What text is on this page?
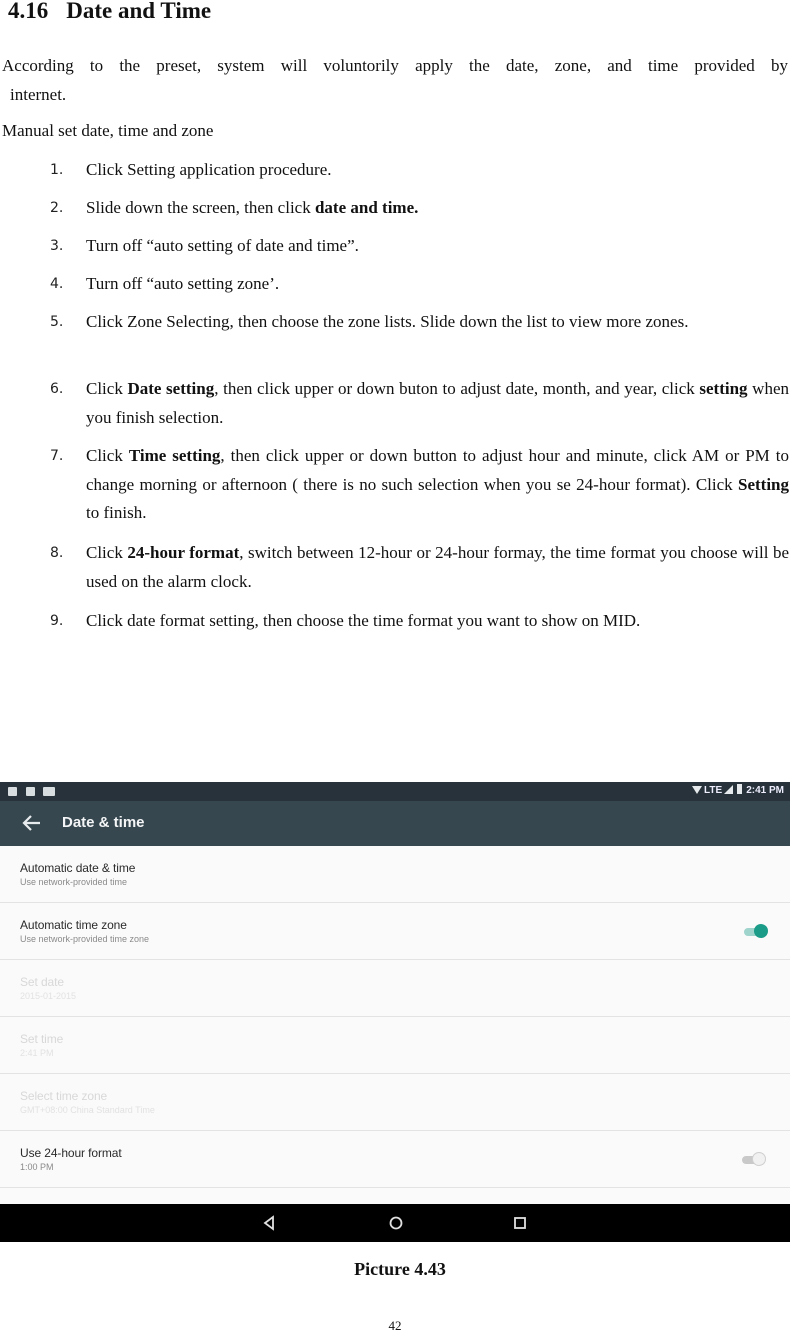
4.16 Date and Time

According to the preset, system will voluntorily apply the date, zone, and time provided by

internet.

Manual set date, time and zone

1. Click Setting application procedure.
2. Slide down the screen, then click date and time.
3. Turn off “auto setting of date and time”.
4. Turn off “auto setting zone’.
5. Click Zone Selecting, then choose the zone lists. Slide down the list to view more zones.
6. Click Date setting, then click upper or down buton to adjust date, month, and year, click setting when you finish selection.
7. Click Time setting, then click upper or down button to adjust hour and minute, click AM or PM to change morning or afternoon ( there is no such selection when you se 24-hour format). Click Setting to finish.
8. Click 24-hour format, switch between 12-hour or 24-hour formay, the time format you choose will be used on the alarm clock.
9. Click date format setting, then choose the time format you want to show on MID.
LTE 2:41 PM
Date & time
Automatic date & time
Use network-provided time
Automatic time zone
Use network-provided time zone
Set date
2015-01-2015
Set time
2:41 PM
Select time zone
GMT+08:00 China Standard Time
Use 24-hour format
1:00 PM
Picture 4.43
42
